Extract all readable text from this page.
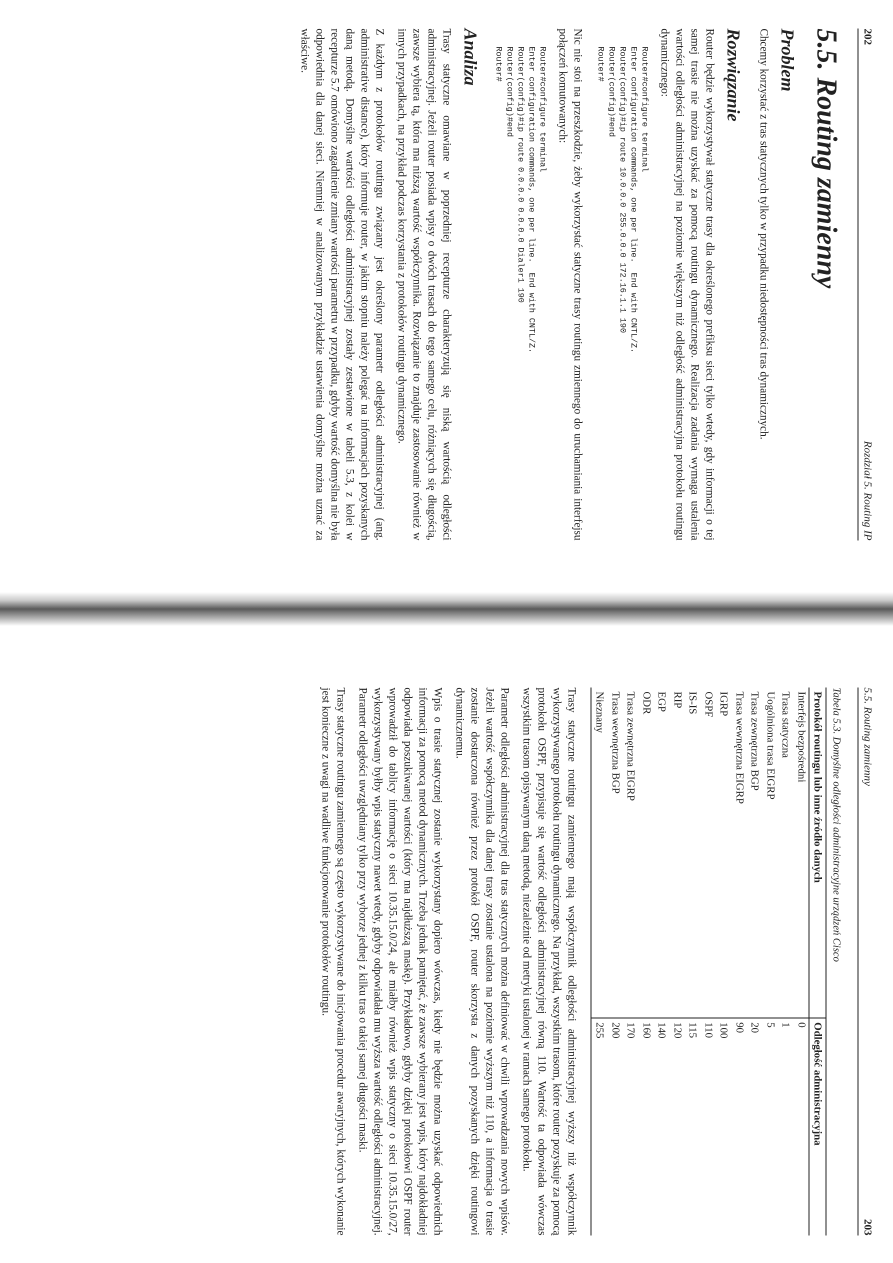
202
Rozdział 5. Routing IP
5.5. Routing zamienny
Problem

Chcemy korzystać z tras statycznych tylko w przypadku niedostępności tras dynamicznych.

Rozwiązanie

Router będzie wykorzystywał statyczne trasy dla określonego prefiksu sieci tylko wtedy, gdy informacji o tej samej trasie nie można uzyskać za pomocą routingu dynamicznego. Realizacja zadania wymaga ustalenia wartości odległości administracyjnej na poziomie większym niż odległość administracyjna protokołu routingu dynamicznego:

Router#configure terminal
Enter configuration commands, one per line.  End with CNTL/Z.
Router(config)#ip route 10.0.0.0 255.0.0.0 172.16.1.1 190
Router(config)#end
Router#

Nic nie stoi na przeszkodzie, żeby wykorzystać statyczne trasy routingu zmiennego do uruchamiania interfejsu połączeń komutowanych:

Router#configure terminal
Enter configuration commands, one per line.  End with CNTL/Z.
Router(config)#ip route 0.0.0.0 0.0.0.0 Dialer1 190
Router(config)#end
Router#
Analiza

Trasy statyczne omawiane w poprzedniej recepturze charakteryzują się niską wartością odległości administracyjnej. Jeżeli router posiada wpisy o dwóch trasach do tego samego celu, różniących się długością, zawsze wybiera tą, która ma niższą wartość współczynnika. Rozwiązanie to znajduje zastosowanie również w innych przypadkach, na przykład podczas korzystania z protokołów routingu dynamicznego.

Z każdym z protokołów routingu związany jest określony parametr odległości administracyjnej (ang. administrative distance), który informuje router, w jakim stopniu należy polegać na informacjach pozyskanych daną metodą. Domyślne wartości odległości administracyjnej zostały zestawione w tabeli 5.3, z kolei w recepturze 5.7 omówiono zagadnienie zmiany wartości parametru w przypadku, gdyby wartość domyślna nie była odpowiednia dla danej sieci. Niemniej w analizowanym przykładzie ustawienia domyślne można uznać za właściwe.

5.5. Routing zamienny
203
Tabela 5.3. Domyślne odległości administracyjne urządzeń Cisco
Protokół routingu lub inne źródło danych	Odległość administracyjna
Interfejs bezpośredni	0
Trasa statyczna	1
Uogólniona trasa EIGRP	5
Trasa zewnętrzna BGP	20
Trasa wewnętrzna EIGRP	90
IGRP	100
OSPF	110
IS-IS	115
RIP	120
EGP	140
ODR	160
Trasa zewnętrzna EIGRP	170
Trasa wewnętrzna BGP	200
Nieznany	255

Trasy statyczne routingu zamiennego mają współczynnik odległości administracyjnej wyższy niż współczynnik wykorzystywanego protokołu routingu dynamicznego. Na przykład, wszystkim trasom, które router pozyskuje za pomocą protokołu OSPF, przypisuje się wartość odległości administracyjnej równą 110. Wartość ta odpowiada wówczas wszystkim trasom opisywanym daną metodą, niezależnie od metryki ustalonej w ramach samego protokołu.

Parametr odległości administracyjnej dla tras statycznych można definiować w chwili wprowadzania nowych wpisów. Jeżeli wartość współczynnika dla danej trasy zostanie ustalona na poziomie wyższym niż 110, a informacja o trasie zostanie dostarczona również przez protokół OSPF, router skorzysta z danych pozyskanych dzięki routingowi dynamicznemu.

Wpis o trasie statycznej zostanie wykorzystany dopiero wówczas, kiedy nie będzie można uzyskać odpowiednich informacji za pomocą metod dynamicznych. Trzeba jednak pamiętać, że zawsze wybierany jest wpis, który najdokładniej odpowiada poszukiwanej wartości (który ma najdłuższą maskę). Przykładowo, gdyby dzięki protokołowi OSPF router wprowadził do tablicy informację o sieci 10.35.15.0/24, ale miałby również wpis statyczny o sieci 10.35.15.0/27, wykorzystywany byłby wpis statyczny nawet wtedy, gdyby odpowiadała mu wyższa wartość odległości administracyjnej. Parametr odległości uwzględniany tylko przy wyborze jednej z kilku tras o takiej samej długości maski.

Trasy statyczne routingu zamiennego są często wykorzystywane do inicjowania procedur awaryjnych, których wykonanie jest konieczne z uwagi na wadliwe funkcjonowanie protokołów routingu.
